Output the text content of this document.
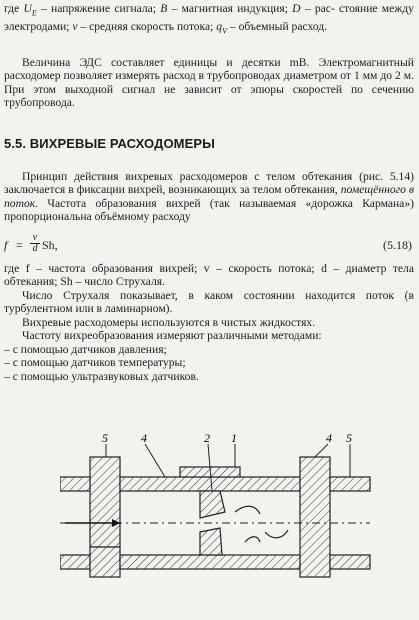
где $U_E$ – напряжение сигнала; B – магнитная индукция; D – рас- стояние между электродами; v – средняя скорость потока; $q_V$ – объемный расход.

Величина ЭДС составляет единицы и десятки mВ. Электромагнитный расходомер позволяет измерять расход в трубопроводах диаметром от 1 мм до 2 м. При этом выходной сигнал не зависит от эпюры скоростей по сечению трубопровода.

5.5. ВИХРЕВЫЕ РАСХОДОМЕРЫ

Принцип действия вихревых расходомеров с телом обтекания (рис. 5.14) заключается в фиксации вихрей, возникающих за телом обтекания, помещённого в поток. Частота образования вихрей (так называемая «дорожка Кармана») пропорциональна объёмному расходу

$f = \frac{v}{d} Sh$,	(5.18)

где f – частота образования вихрей; v – скорость потока; d – диаметр тела обтекания; Sh – число Струхаля.

Число Струхаля показывает, в каком состоянии находится поток (в турбулентном или в ламинарном).

Вихревые расходомеры используются в чистых жидкостях.

Частоту вихреобразования измеряют различными методами:

– с помощью датчиков давления;
– с помощью датчиков температуры;
– с помощью ультразвуковых датчиков.
5	4	2 1	4 5
